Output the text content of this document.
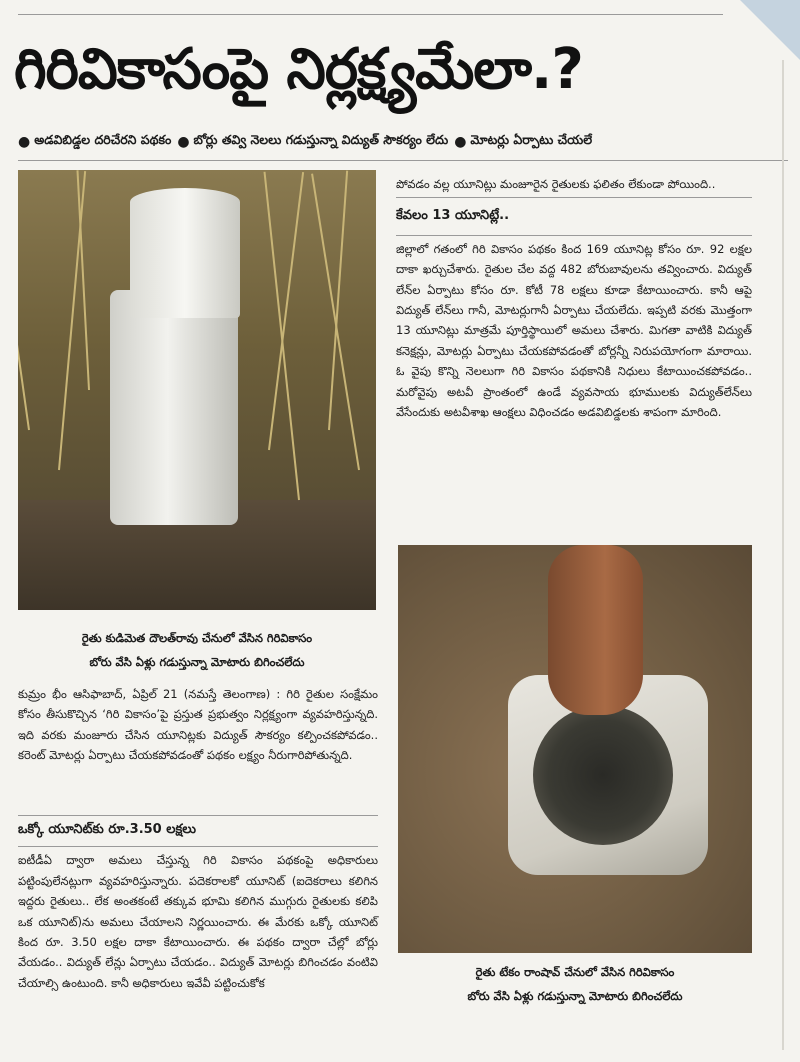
గిరివికాసంపై నిర్లక్ష్యమేలా.?
● అడవిబిడ్డల దరిచేరని పథకం ● బోర్లు తవ్వి నెలలు గడుస్తున్నా విద్యుత్‌ సౌకర్యం లేదు ● మోటర్లు ఏర్పాటు చేయలే
రైతు కుడిమెత దౌలత్‌రావు చేనులో వేసిన గిరివికాసం
బోరు వేసి ఏళ్లు గడుస్తున్నా మోటారు బిగించలేదు
కుమ్రం భీం ఆసిఫాబాద్‌, ఏప్రిల్‌ 21 (నమస్తే తెలంగాణ) : గిరి రైతుల సంక్షేమం కోసం తీసుకొచ్చిన ‘గిరి వికాసం’పై ప్రస్తుత ప్రభుత్వం నిర్లక్ష్యంగా వ్యవహరిస్తున్నది. ఇది వరకు మంజూరు చేసిన యూనిట్లకు విద్యుత్‌ సౌకర్యం కల్పించకపోవడం.. కరెంట్‌ మోటర్లు ఏర్పాటు చేయకపోవడంతో పథకం లక్ష్యం నీరుగారిపోతున్నది.
ఒక్కో యూనిట్‌కు రూ.3.50 లక్షలు
ఐటీడీఏ ద్వారా అమలు చేస్తున్న గిరి వికాసం పథకంపై అధికారులు పట్టింపులేనట్లుగా వ్యవహరిస్తున్నారు. పదెకరాలకో యూనిట్‌ (ఐదెకరాలు కలిగిన ఇద్దరు రైతులు.. లేక అంతకంటే తక్కువ భూమి కలిగిన ముగ్గురు రైతులకు కలిపి ఒక యూనిట్‌)ను అమలు చేయాలని నిర్ణయించారు. ఈ మేరకు ఒక్కో యూనిట్‌ కింద రూ. 3.50 లక్షల దాకా కేటాయించారు. ఈ పథకం ద్వారా చేల్లో బోర్లు వేయడం.. విద్యుత్‌ లేన్లు ఏర్పాటు చేయడం.. విద్యుత్‌ మోటర్లు బిగించడం వంటివి చేయాల్సి ఉంటుంది. కానీ అధికారులు ఇవేవీ పట్టించుకోక
పోవడం వల్ల యూనిట్లు మంజూరైన రైతులకు ఫలితం లేకుండా పోయింది..
కేవలం 13 యూనిట్లే..
జిల్లాలో గతంలో గిరి వికాసం పథకం కింద 169 యూనిట్ల కోసం రూ. 92 లక్షల దాకా ఖర్చుచేశారు. రైతుల చేల వద్ద 482 బోరుబావులను తవ్వించారు. విద్యుత్‌ లేన్‌ల ఏర్పాటు కోసం రూ. కోటీ 78 లక్షలు కూడా కేటాయించారు. కానీ ఆపై విద్యుత్‌ లేన్‌లు గానీ, మోటర్లుగానీ ఏర్పాటు చేయలేదు. ఇప్పటి వరకు మొత్తంగా 13 యూనిట్లు మాత్రమే పూర్తిస్థాయిలో అమలు చేశారు. మిగతా వాటికి విద్యుత్‌ కనెక్షన్లు, మోటర్లు ఏర్పాటు చేయకపోవడంతో బోర్లన్నీ నిరుపయోగంగా మారాయి. ఓ వైపు కొన్ని నెలలుగా గిరి వికాసం పథకానికి నిధులు కేటాయించకపోవడం.. మరోవైపు అటవీ ప్రాంతంలో ఉండే వ్యవసాయ భూములకు విద్యుత్‌లేన్‌లు వేసేందుకు అటవీశాఖ ఆంక్షలు విధించడం అడవిబిడ్డలకు శాపంగా మారింది.
రైతు టేకం రాంషావ్‌ చేనులో వేసిన గిరివికాసం
బోరు వేసి ఏళ్లు గడుస్తున్నా మోటారు బిగించలేదు
